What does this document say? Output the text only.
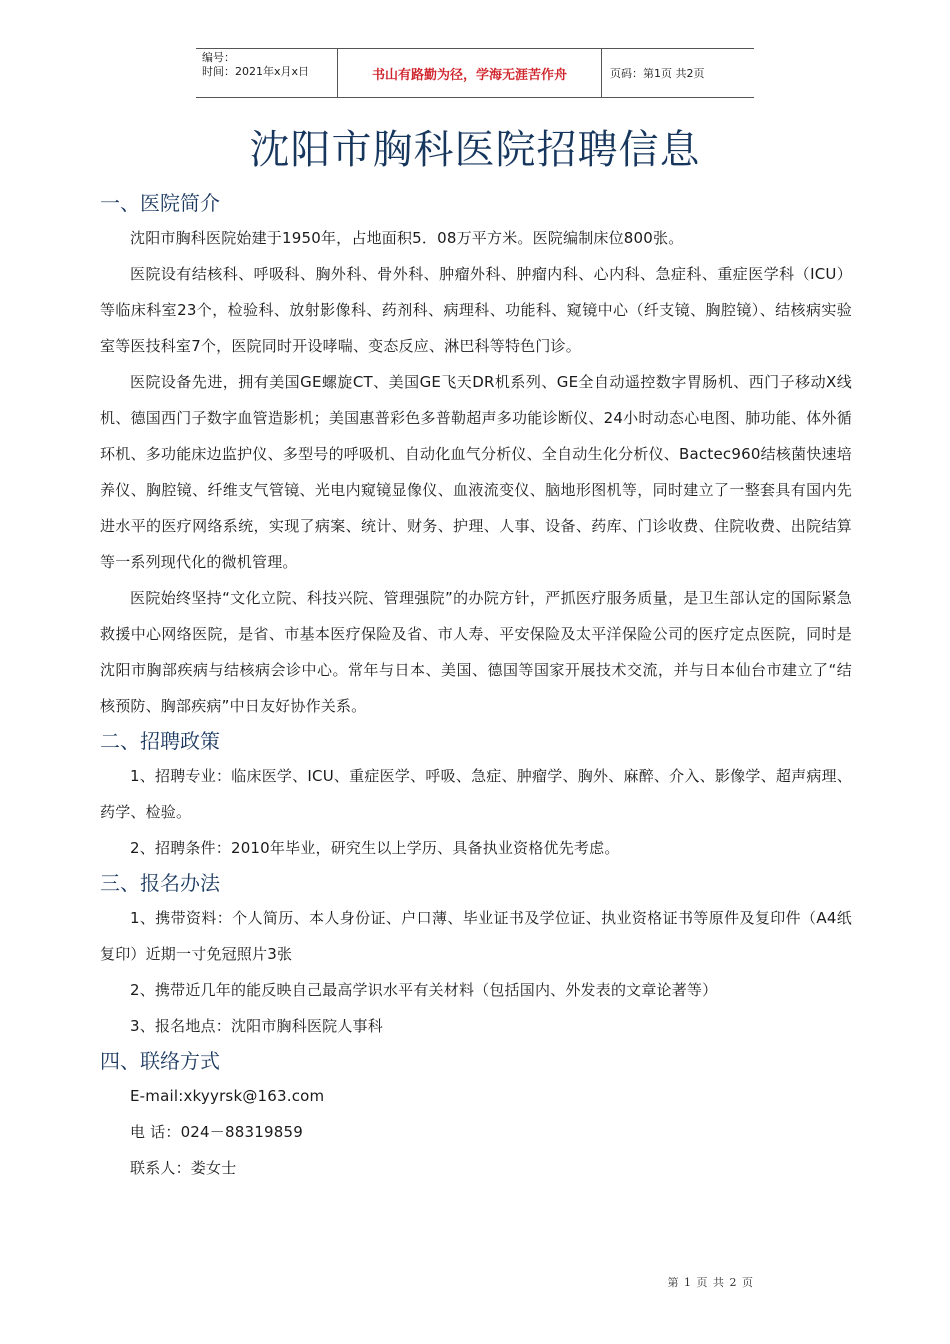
编号：
时间：2021年x月x日	书山有路勤为径，学海无涯苦作舟	页码：第1页 共2页
沈阳市胸科医院招聘信息
一、医院简介

沈阳市胸科医院始建于1950年，占地面积5．08万平方米。医院编制床位800张。

医院设有结核科、呼吸科、胸外科、骨外科、肿瘤外科、肿瘤内科、心内科、急症科、重症医学科（ICU）等临床科室23个，检验科、放射影像科、药剂科、病理科、功能科、窥镜中心（纤支镜、胸腔镜）、结核病实验室等医技科室7个，医院同时开设哮喘、变态反应、淋巴科等特色门诊。

医院设备先进，拥有美国GE螺旋CT、美国GE飞天DR机系列、GE全自动遥控数字胃肠机、西门子移动X线机、德国西门子数字血管造影机；美国惠普彩色多普勒超声多功能诊断仪、24小时动态心电图、肺功能、体外循环机、多功能床边监护仪、多型号的呼吸机、自动化血气分析仪、全自动生化分析仪、Bactec960结核菌快速培养仪、胸腔镜、纤维支气管镜、光电内窥镜显像仪、血液流变仪、脑地形图机等，同时建立了一整套具有国内先进水平的医疗网络系统，实现了病案、统计、财务、护理、人事、设备、药库、门诊收费、住院收费、出院结算等一系列现代化的微机管理。

医院始终坚持“文化立院、科技兴院、管理强院”的办院方针，严抓医疗服务质量，是卫生部认定的国际紧急救援中心网络医院，是省、市基本医疗保险及省、市人寿、平安保险及太平洋保险公司的医疗定点医院，同时是沈阳市胸部疾病与结核病会诊中心。常年与日本、美国、德国等国家开展技术交流，并与日本仙台市建立了“结核预防、胸部疾病”中日友好协作关系。

二、招聘政策

1、招聘专业：临床医学、ICU、重症医学、呼吸、急症、肿瘤学、胸外、麻醉、介入、影像学、超声病理、药学、检验。

2、招聘条件：2010年毕业，研究生以上学历、具备执业资格优先考虑。

三、报名办法

1、携带资料：个人简历、本人身份证、户口薄、毕业证书及学位证、执业资格证书等原件及复印件（A4纸复印）近期一寸免冠照片3张

2、携带近几年的能反映自己最高学识水平有关材料（包括国内、外发表的文章论著等）

3、报名地点：沈阳市胸科医院人事科

四、联络方式

E-mail:xkyyrsk@163.com

电 话：024－88319859

联系人：娄女士

第 1 页 共 2 页
